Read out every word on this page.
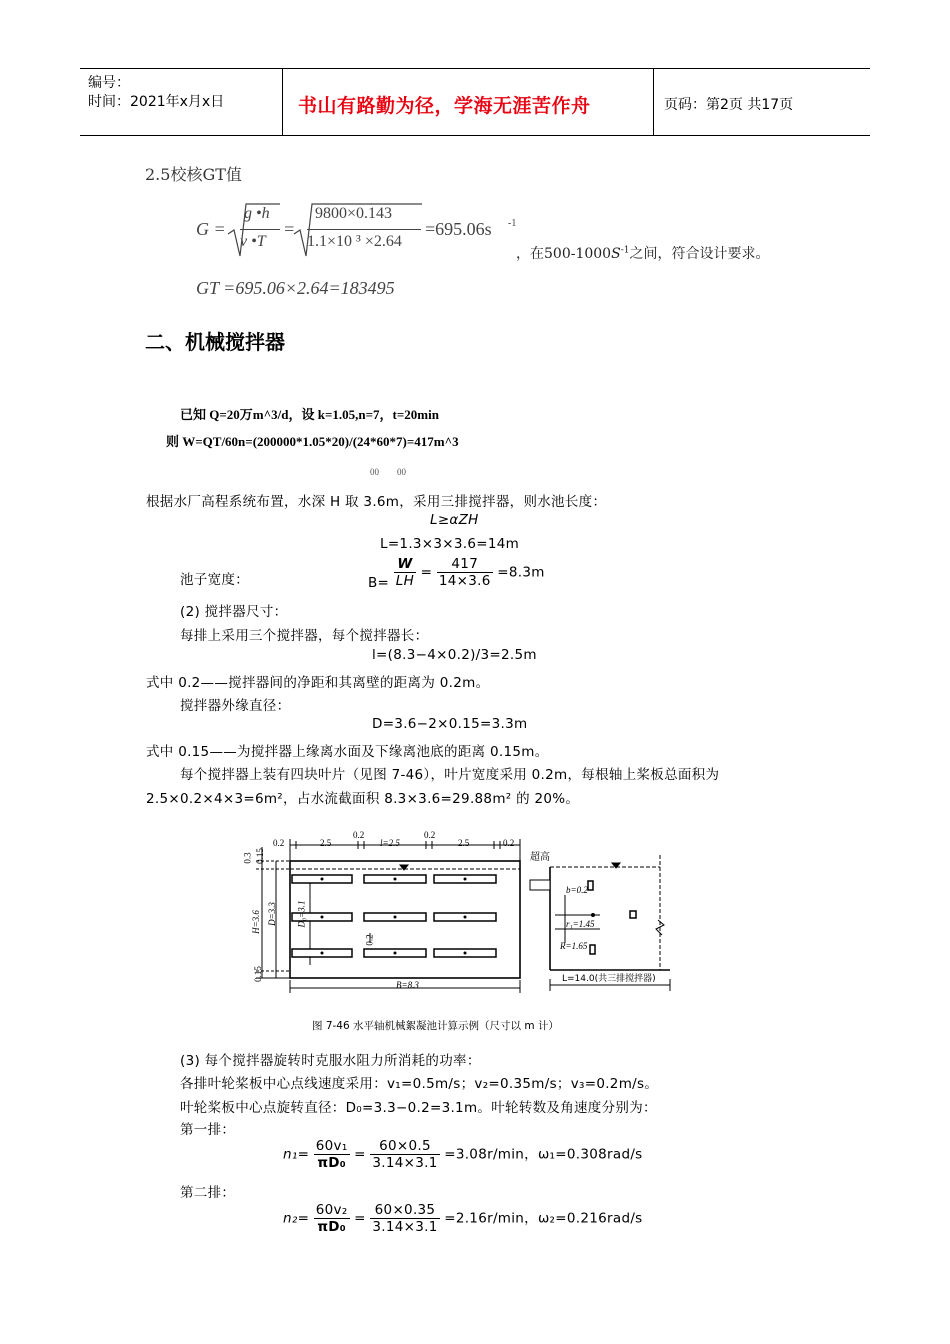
编号：
时间：2021年x月x日	书山有路勤为径，学海无涯苦作舟	页码：第2页 共17页
2.5校核GT值
G =
g •h
v •T
=
9800×0.143
1.1×10 ³ ×2.64
=695.06s -1
，在$500-1000S^{-1}$之间，符合设计要求。
GT =695.06×2.64=183495
二、机械搅拌器
已知 Q=20万m^3/d，设 k=1.05,n=7，t=20min
则 W=QT/60n=(200000*1.05*20)/(24*60*7)=417m^3
00        00
根据水厂高程系统布置，水深 H 取 3.6m，采用三排搅拌器，则水池长度：
L≥αZH
L=1.3×3×3.6=14m
池子宽度：	$B= \frac{W}{LH} = \frac{417}{14\times 3.6} =8.3m$
(2) 搅拌器尺寸：
每排上采用三个搅拌器，每个搅拌器长：
l=(8.3−4×0.2)/3=2.5m
式中 0.2——搅拌器间的净距和其离壁的距离为 0.2m。
搅拌器外缘直径：
D=3.6−2×0.15=3.3m
式中 0.15——为搅拌器上缘离水面及下缘离池底的距离 0.15m。
每个搅拌器上装有四块叶片（见图 7-46），叶片宽度采用 0.2m，每根轴上桨板总面积为
2.5×0.2×4×3=6m²，占水流截面积 8.3×3.6=29.88m² 的 20%。
0.2	2.5
0.2
l=2.5
0.2
2.5	0.2
0.3 0.15
H=3.6 D=3.3 D₀=3.1
0.2
0.15
B=8.3
超高
b=0.2
r₁=1.45
R=1.65
L=14.0(共三排搅拌器)
图 7-46 水平轴机械絮凝池计算示例（尺寸以 m 计）
(3) 每个搅拌器旋转时克服水阻力所消耗的功率：
各排叶轮桨板中心点线速度采用：v₁=0.5m/s；v₂=0.35m/s；v₃=0.2m/s。
叶轮桨板中心点旋转直径：D₀=3.3−0.2=3.1m。叶轮转数及角速度分别为：
第一排：
$n_1= \frac{\text{60v₁}}{\text{πD₀}} = \frac{60\times 0.5}{3.14\times 3.1} =3.08r/\min$，ω₁=0.308rad/s
第二排：
$n_2= \frac{\text{60v₂}}{\text{πD₀}} = \frac{60\times 0.35}{3.14\times 3.1} =2.16r/\min$，ω₂=0.216rad/s
